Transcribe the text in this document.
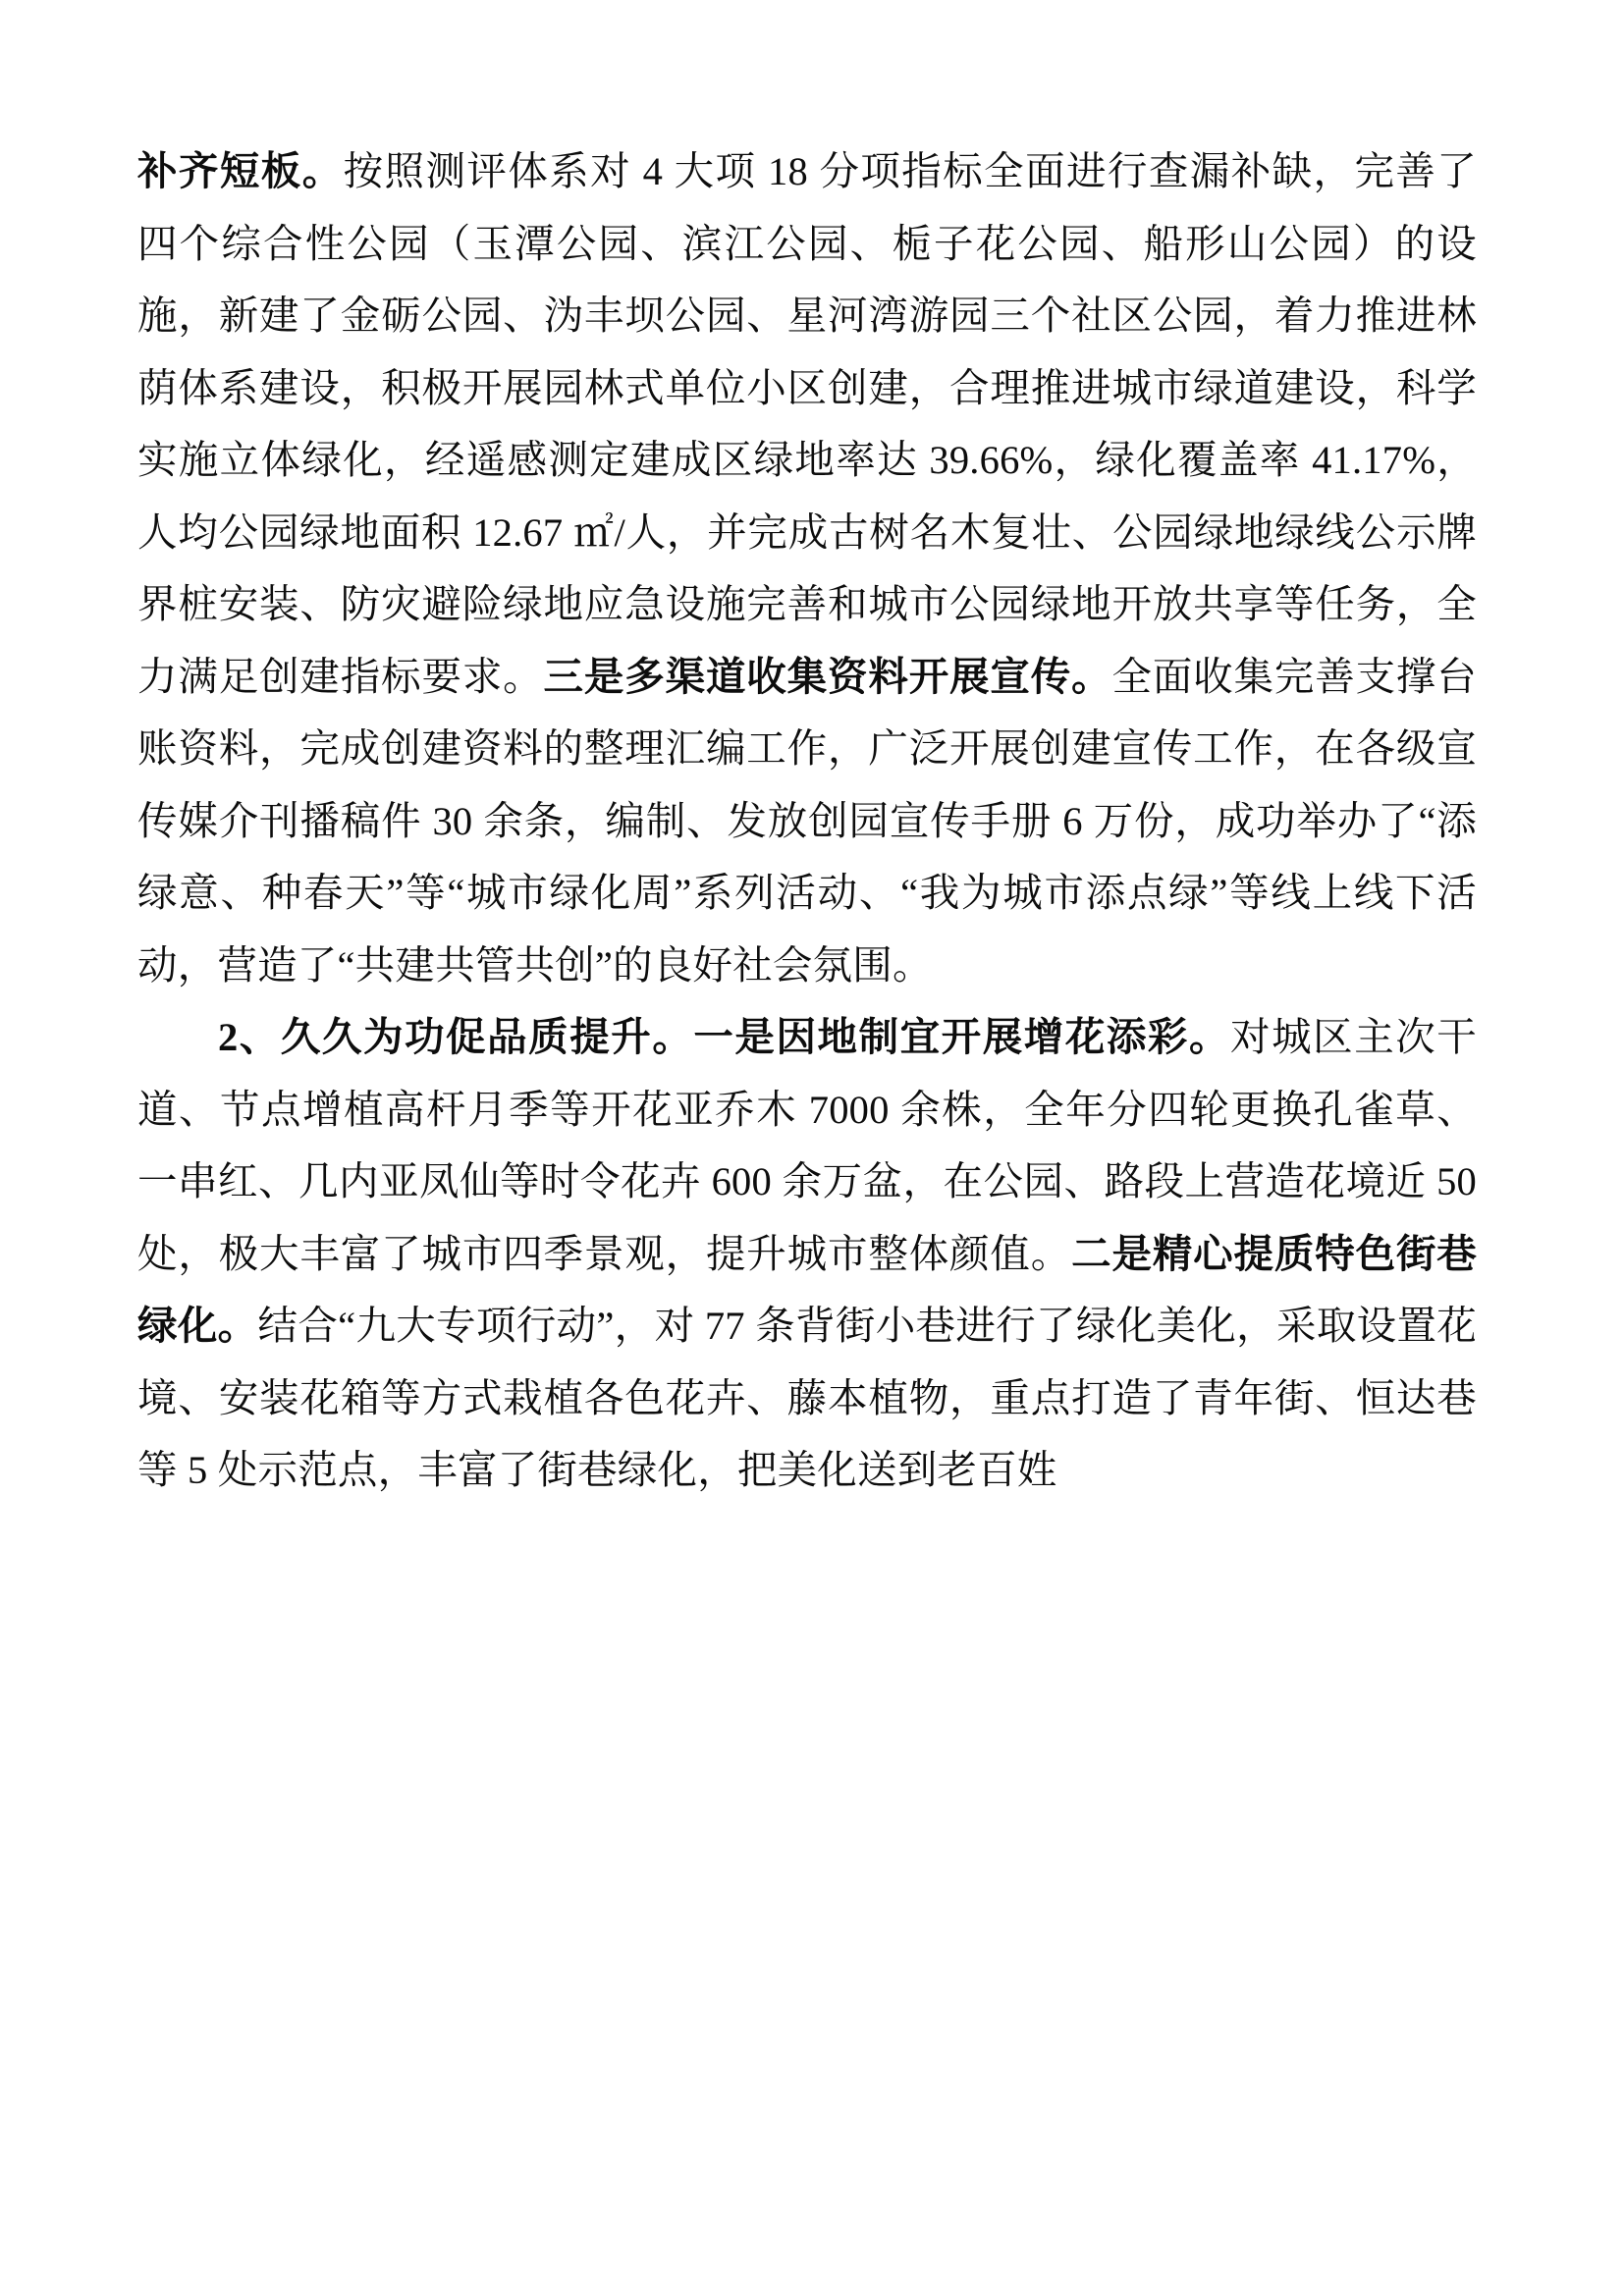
补齐短板。按照测评体系对 4 大项 18 分项指标全面进行查漏补缺，完善了四个综合性公园（玉潭公园、滨江公园、栀子花公园、船形山公园）的设施，新建了金砺公园、沩丰坝公园、星河湾游园三个社区公园，着力推进林荫体系建设，积极开展园林式单位小区创建，合理推进城市绿道建设，科学实施立体绿化，经遥感测定建成区绿地率达 39.66%，绿化覆盖率 41.17%，人均公园绿地面积 12.67 ㎡/人，并完成古树名木复壮、公园绿地绿线公示牌界桩安装、防灾避险绿地应急设施完善和城市公园绿地开放共享等任务，全力满足创建指标要求。三是多渠道收集资料开展宣传。全面收集完善支撑台账资料，完成创建资料的整理汇编工作，广泛开展创建宣传工作，在各级宣传媒介刊播稿件 30 余条，编制、发放创园宣传手册 6 万份，成功举办了“添绿意、种春天”等“城市绿化周”系列活动、“我为城市添点绿”等线上线下活动，营造了“共建共管共创”的良好社会氛围。

2、久久为功促品质提升。一是因地制宜开展增花添彩。对城区主次干道、节点增植高杆月季等开花亚乔木 7000 余株，全年分四轮更换孔雀草、一串红、几内亚凤仙等时令花卉 600 余万盆，在公园、路段上营造花境近 50 处，极大丰富了城市四季景观，提升城市整体颜值。二是精心提质特色街巷绿化。结合“九大专项行动”，对 77 条背街小巷进行了绿化美化，采取设置花境、安装花箱等方式栽植各色花卉、藤本植物，重点打造了青年街、恒达巷等 5 处示范点，丰富了街巷绿化，把美化送到老百姓
